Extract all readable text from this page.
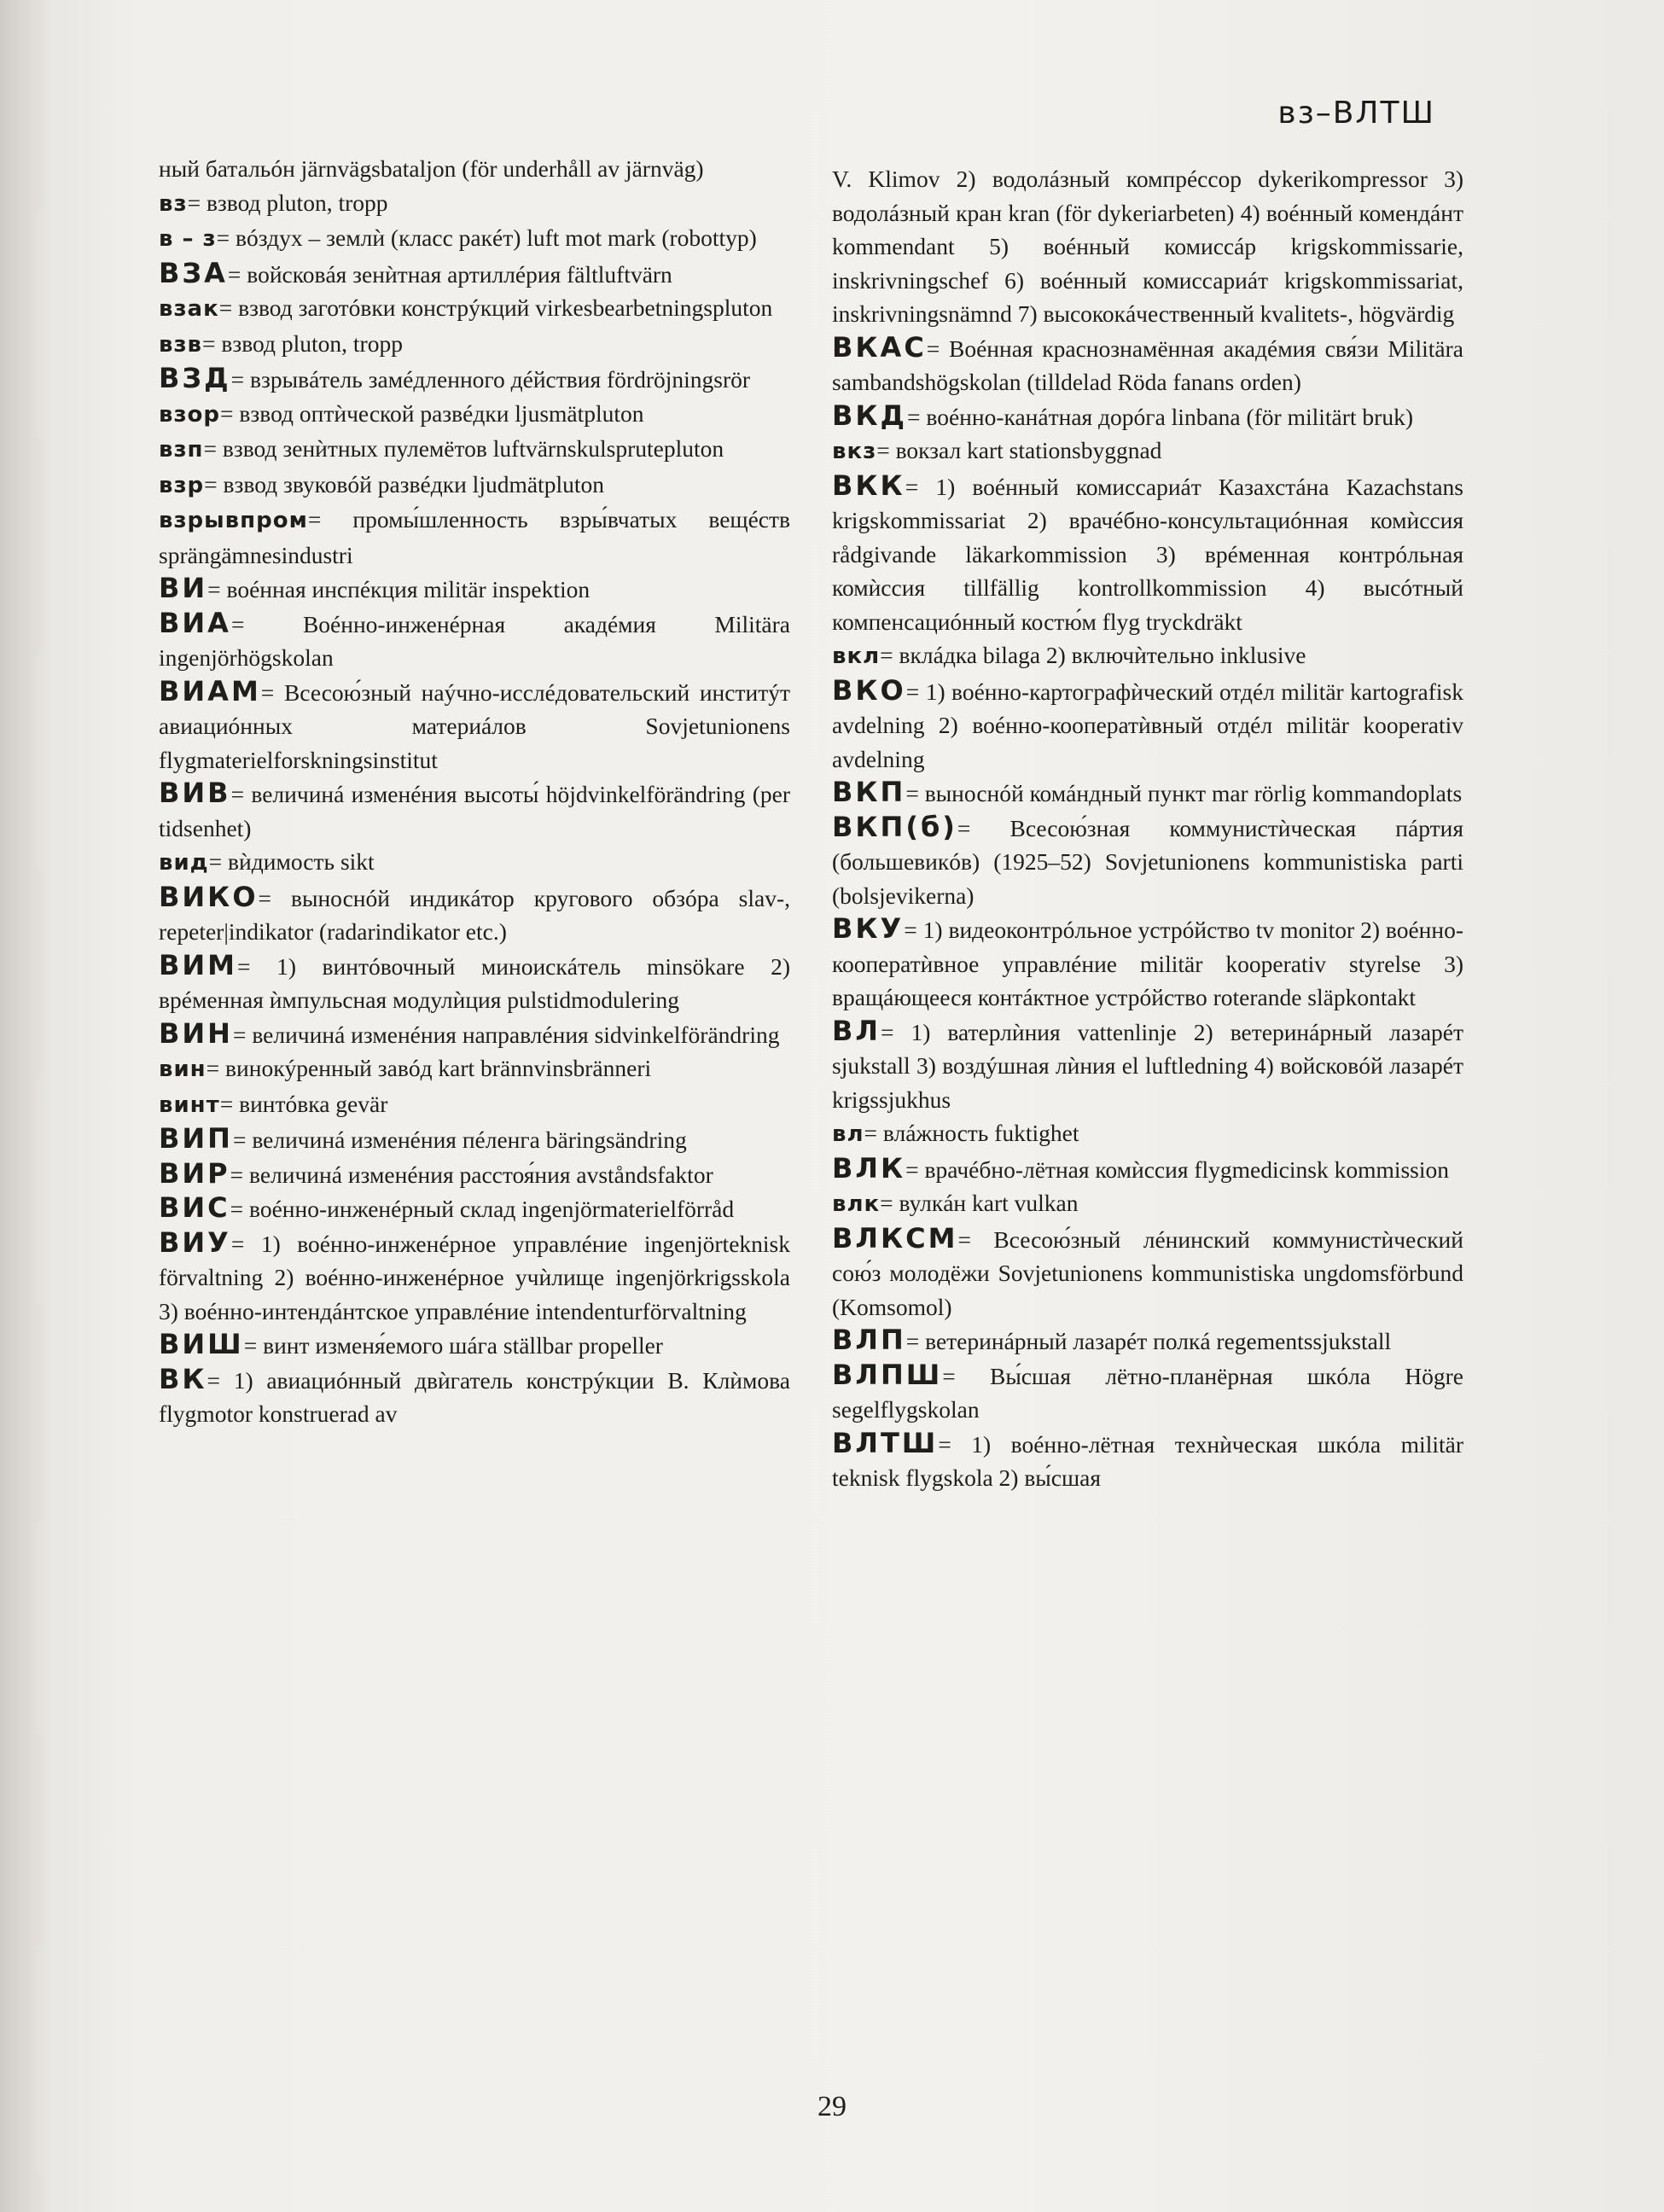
вз–ВЛТШ
ный батальóн järnvägsbataljon (för underhåll av järnväg)
вз= взвод pluton, tropp
в – з= вóздух – землѝ (класс ракéт) luft mot mark (robottyp)
ВЗА= войсковáя зенѝтная артиллéрия fältluftvärn
взак= взвод заготóвки констрýкций virkesbearbetningspluton
взв= взвод pluton, tropp
ВЗД= взрывáтель замéдленного дéйствия fördröjningsrör
взор= взвод оптѝческой развéдки ljusmätpluton
взп= взвод зенѝтных пулемётов luftvärnskulsprutepluton
взр= взвод звуковóй развéдки ljudmätpluton
взрывпром= промы́шленность взры́вчатых вещéств sprängämnesindustri
ВИ= воéнная инспéкция militär inspektion
ВИА= Воéнно-инженéрная акадéмия Militära ingenjörhögskolan
ВИАМ= Всесою́зный наýчно-исслéдовательский инститýт авиациóнных материáлов Sovjetunionens flygmaterielforskningsinstitut
ВИВ= величинá изменéния высоты́ höjdvinkelförändring (per tidsenhet)
вид= вѝдимость sikt
ВИКО= выноснóй индикáтор кругового обзóра slav-, repeter|indikator (radarindikator etc.)
ВИМ= 1) винтóвочный миноискáтель minsökare 2) врéменная ѝмпульсная модулѝция pulstidmodulering
ВИН= величинá изменéния направлéния sidvinkelförändring
вин= винокýренный завóд kart brännvinsbränneri
винт= винтóвка gevär
ВИП= величинá изменéния пéленга bäringsändring
ВИР= величинá изменéния расстоя́ния avståndsfaktor
ВИС= воéнно-инженéрный склад ingenjörmaterielförråd
ВИУ= 1) воéнно-инженéрное управлéние ingenjörteknisk förvaltning 2) воéнно-инженéрное учѝлище ingenjörkrigsskola 3) воéнно-интендáнтское управлéние intendenturförvaltning
ВИШ= винт изменя́емого шáга ställbar propeller
ВК= 1) авиациóнный двѝгатель констрýкции В. Клѝмова flygmotor konstruerad av
V. Klimov 2) водолáзный компрéссор dykerikompressor 3) водолáзный кран kran (för dykeriarbeten) 4) воéнный комендáнт kommendant 5) воéнный комиссáр krigskommissarie, inskrivningschef 6) воéнный комиссариáт krigskommissariat, inskrivningsnämnd 7) высококáчественный kvalitets-, högvärdig
ВКАС= Воéнная краснознамённая акадéмия свя́зи Militära sambandshögskolan (tilldelad Röda fanans orden)
ВКД= воéнно-канáтная дорóга linbana (för militärt bruk)
вкз= вокзал kart stationsbyggnad
ВКК= 1) воéнный комиссариáт Казахстáна Kazachstans krigskommissariat 2) врачéбно-консультациóнная комѝссия rådgivande läkarkommission 3) врéменная контрóльная комѝссия tillfällig kontrollkommission 4) высóтный компенсациóнный костю́м flyg tryckdräkt
вкл= вклáдка bilaga 2) включѝтельно inklusive
ВКО= 1) воéнно-картографѝческий отдéл militär kartografisk avdelning 2) воéнно-кооператѝвный отдéл militär kooperativ avdelning
ВКП= выноснóй комáндный пункт mar rörlig kommandoplats
ВКП(б)= Всесою́зная коммунистѝческая пáртия (большевикóв) (1925–52) Sovjetunionens kommunistiska parti (bolsjevikerna)
ВКУ= 1) видеоконтрóльное устрóйство tv monitor 2) воéнно-кооператѝвное управлéние militär kooperativ styrelse 3) вращáющееся контáктное устрóйство roterande släpkontakt
ВЛ= 1) ватерлѝния vattenlinje 2) ветеринáрный лазарéт sjukstall 3) воздýшная лѝния el luftledning 4) войсковóй лазарéт krigssjukhus
вл= влáжность fuktighet
ВЛК= врачéбно-лётная комѝссия flygmedicinsk kommission
влк= вулкáн kart vulkan
ВЛКСМ= Всесою́зный лéнинский коммунистѝческий сою́з молодёжи Sovjetunionens kommunistiska ungdomsförbund (Komsomol)
ВЛП= ветеринáрный лазарéт полкá regementssjukstall
ВЛПШ= Вы́сшая лётно-планёрная шкóла Högre segelflygskolan
ВЛТШ= 1) воéнно-лётная технѝческая шкóла militär teknisk flygskola 2) вы́сшая
29
